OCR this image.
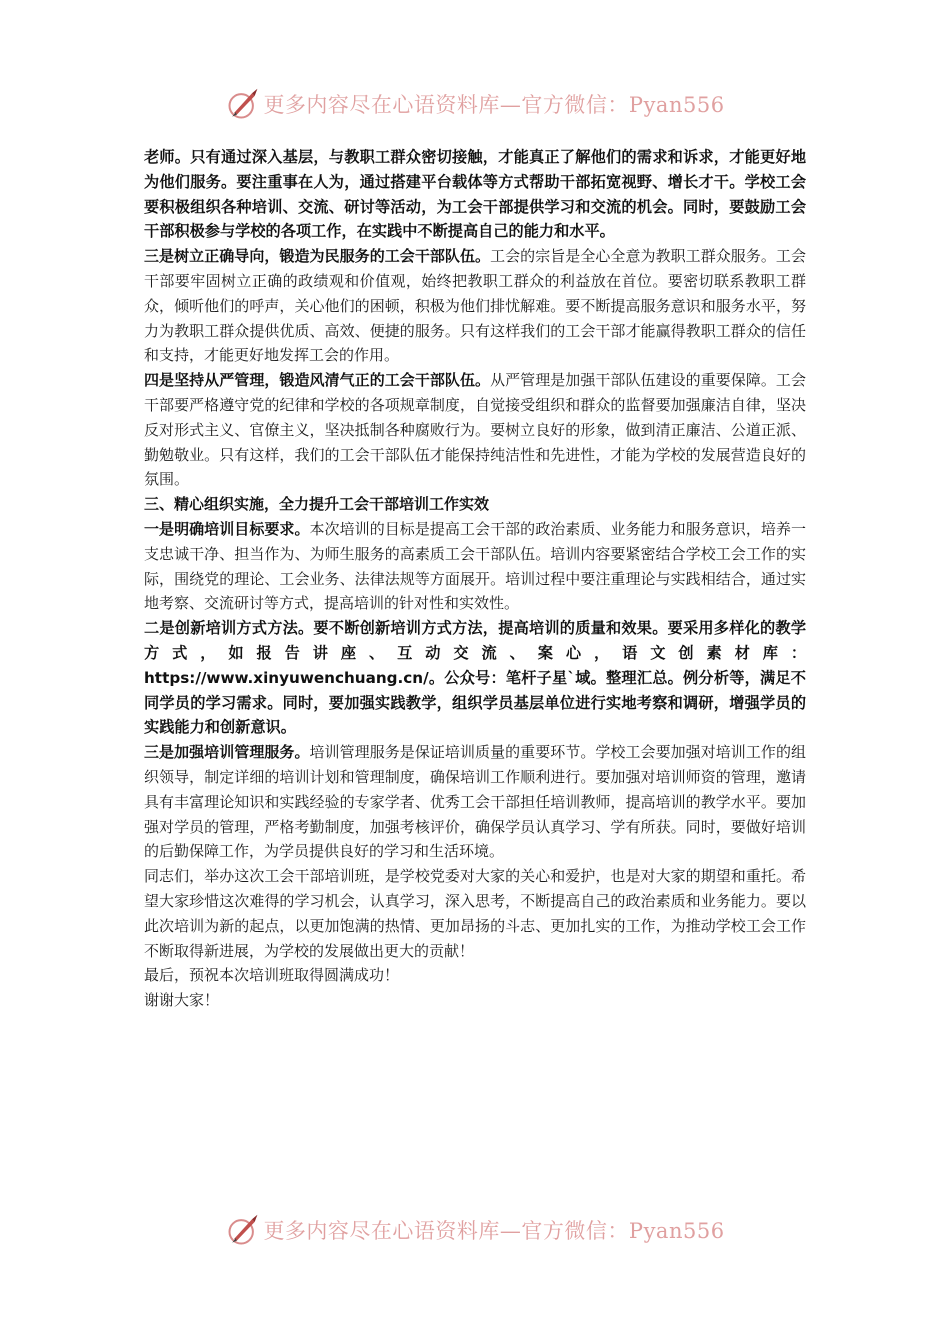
更多内容尽在心语资料库—官方微信：Pyan556

老师。只有通过深入基层，与教职工群众密切接触，才能真正了解他们的需求和诉求，才能更好地为他们服务。要注重事在人为，通过搭建平台载体等方式帮助干部拓宽视野、增长才干。学校工会要积极组织各种培训、交流、研讨等活动，为工会干部提供学习和交流的机会。同时，要鼓励工会干部积极参与学校的各项工作，在实践中不断提高自己的能力和水平。

三是树立正确导向，锻造为民服务的工会干部队伍。工会的宗旨是全心全意为教职工群众服务。工会干部要牢固树立正确的政绩观和价值观，始终把教职工群众的利益放在首位。要密切联系教职工群众，倾听他们的呼声，关心他们的困顿，积极为他们排忧解难。要不断提高服务意识和服务水平，努力为教职工群众提供优质、高效、便捷的服务。只有这样我们的工会干部才能赢得教职工群众的信任和支持，才能更好地发挥工会的作用。

四是坚持从严管理，锻造风清气正的工会干部队伍。从严管理是加强干部队伍建设的重要保障。工会干部要严格遵守党的纪律和学校的各项规章制度，自觉接受组织和群众的监督要加强廉洁自律，坚决反对形式主义、官僚主义，坚决抵制各种腐败行为。要树立良好的形象，做到清正廉洁、公道正派、勤勉敬业。只有这样，我们的工会干部队伍才能保持纯洁性和先进性，才能为学校的发展营造良好的氛围。

三、精心组织实施，全力提升工会干部培训工作实效

一是明确培训目标要求。本次培训的目标是提高工会干部的政治素质、业务能力和服务意识，培养一支忠诚干净、担当作为、为师生服务的高素质工会干部队伍。培训内容要紧密结合学校工会工作的实际，围绕党的理论、工会业务、法律法规等方面展开。培训过程中要注重理论与实践相结合，通过实地考察、交流研讨等方式，提高培训的针对性和实效性。

二是创新培训方式方法。要不断创新培训方式方法，提高培训的质量和效果。要采用多样化的教学方式，如报告讲座、互动交流、案心，语文创素材库：https://www.xinyuwenchuang.cn/。公众号：笔杆子星`域。整理汇总。例分析等，满足不同学员的学习需求。同时，要加强实践教学，组织学员基层单位进行实地考察和调研，增强学员的实践能力和创新意识。

三是加强培训管理服务。培训管理服务是保证培训质量的重要环节。学校工会要加强对培训工作的组织领导，制定详细的培训计划和管理制度，确保培训工作顺利进行。要加强对培训师资的管理，邀请具有丰富理论知识和实践经验的专家学者、优秀工会干部担任培训教师，提高培训的教学水平。要加强对学员的管理，严格考勤制度，加强考核评价，确保学员认真学习、学有所获。同时，要做好培训的后勤保障工作，为学员提供良好的学习和生活环境。

同志们，举办这次工会干部培训班，是学校党委对大家的关心和爱护，也是对大家的期望和重托。希望大家珍惜这次难得的学习机会，认真学习，深入思考，不断提高自己的政治素质和业务能力。要以此次培训为新的起点，以更加饱满的热情、更加昂扬的斗志、更加扎实的工作，为推动学校工会工作不断取得新进展，为学校的发展做出更大的贡献！

最后，预祝本次培训班取得圆满成功！

谢谢大家！

更多内容尽在心语资料库—官方微信：Pyan556
